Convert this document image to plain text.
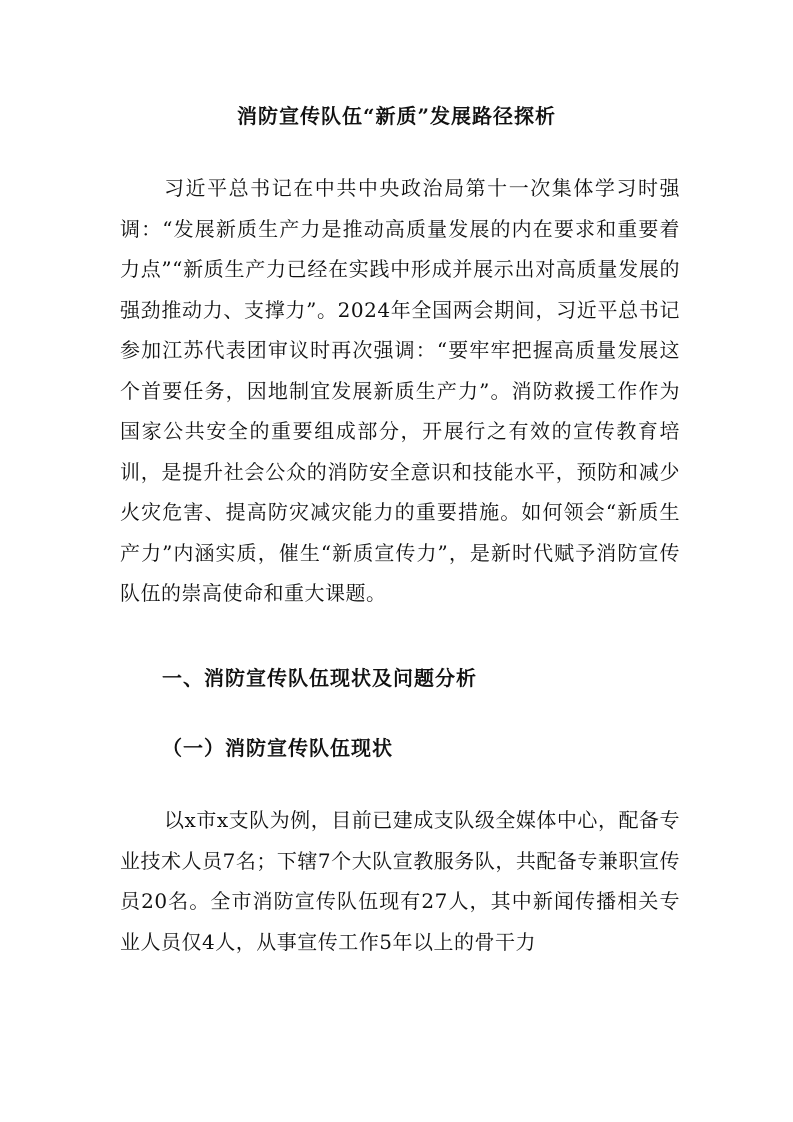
消防宣传队伍“新质”发展路径探析

习近平总书记在中共中央政治局第十一次集体学习时强调：“发展新质生产力是推动高质量发展的内在要求和重要着力点”“新质生产力已经在实践中形成并展示出对高质量发展的强劲推动力、支撑力”。2024年全国两会期间，习近平总书记参加江苏代表团审议时再次强调：“要牢牢把握高质量发展这个首要任务，因地制宜发展新质生产力”。消防救援工作作为国家公共安全的重要组成部分，开展行之有效的宣传教育培训，是提升社会公众的消防安全意识和技能水平，预防和减少火灾危害、提高防灾减灾能力的重要措施。如何领会“新质生产力”内涵实质，催生“新质宣传力”，是新时代赋予消防宣传队伍的崇高使命和重大课题。

一、消防宣传队伍现状及问题分析
（一）消防宣传队伍现状

以x市x支队为例，目前已建成支队级全媒体中心，配备专业技术人员7名；下辖7个大队宣教服务队，共配备专兼职宣传员20名。全市消防宣传队伍现有27人，其中新闻传播相关专业人员仅4人，从事宣传工作5年以上的骨干力
